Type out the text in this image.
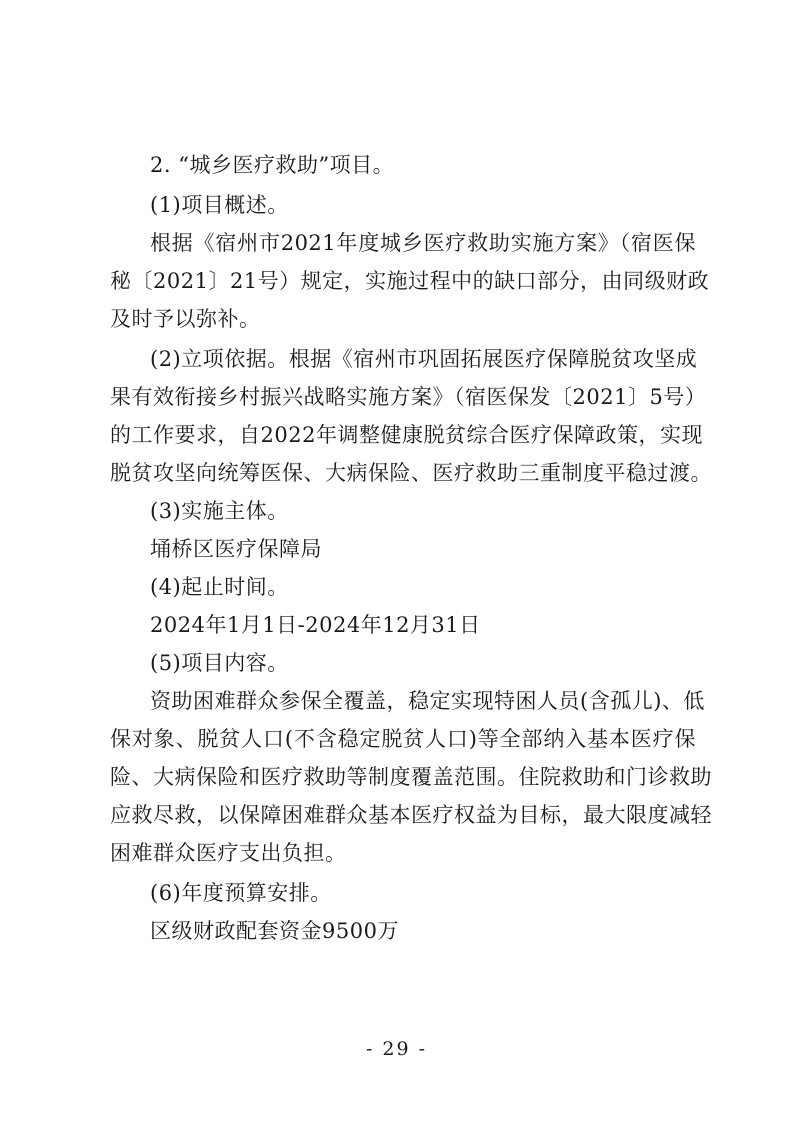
2. “城乡医疗救助”项目。
(1)项目概述。
根据《宿州市2021年度城乡医疗救助实施方案》（宿医保
秘〔2021〕21号）规定，实施过程中的缺口部分，由同级财政
及时予以弥补。
(2)立项依据。根据《宿州市巩固拓展医疗保障脱贫攻坚成
果有效衔接乡村振兴战略实施方案》（宿医保发〔2021〕5号）
的工作要求，自2022年调整健康脱贫综合医疗保障政策，实现
脱贫攻坚向统筹医保、大病保险、医疗救助三重制度平稳过渡。
(3)实施主体。
埇桥区医疗保障局
(4)起止时间。
2024年1月1日-2024年12月31日
(5)项目内容。
资助困难群众参保全覆盖，稳定实现特困人员(含孤儿)、低
保对象、脱贫人口(不含稳定脱贫人口)等全部纳入基本医疗保
险、大病保险和医疗救助等制度覆盖范围。住院救助和门诊救助
应救尽救，以保障困难群众基本医疗权益为目标，最大限度减轻
困难群众医疗支出负担。
(6)年度预算安排。
区级财政配套资金9500万
- 29 -
